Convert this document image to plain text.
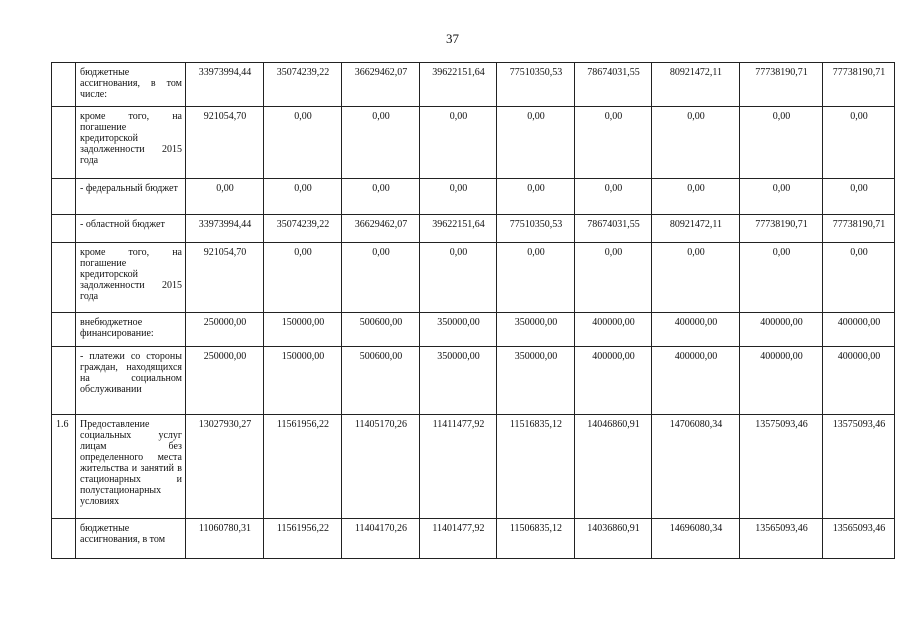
37
	бюджетные ассигнования, в том числе:	33973994,44	35074239,22	36629462,07	39622151,64	77510350,53	78674031,55	80921472,11	77738190,71	77738190,71
	кроме того, на погашение кредиторской задолженности 2015 года	921054,70	0,00	0,00	0,00	0,00	0,00	0,00	0,00	0,00
	- федеральный бюджет	0,00	0,00	0,00	0,00	0,00	0,00	0,00	0,00	0,00
	- областной бюджет	33973994,44	35074239,22	36629462,07	39622151,64	77510350,53	78674031,55	80921472,11	77738190,71	77738190,71
	кроме того, на погашение кредиторской задолженности 2015 года	921054,70	0,00	0,00	0,00	0,00	0,00	0,00	0,00	0,00
	внебюджетное финансирование:	250000,00	150000,00	500600,00	350000,00	350000,00	400000,00	400000,00	400000,00	400000,00
	- платежи со стороны граждан, находящихся на социальном обслуживании	250000,00	150000,00	500600,00	350000,00	350000,00	400000,00	400000,00	400000,00	400000,00
1.6	Предоставление социальных услуг лицам без определенного места жительства и занятий в стационарных и полустационарных условиях	13027930,27	11561956,22	11405170,26	11411477,92	11516835,12	14046860,91	14706080,34	13575093,46	13575093,46
	бюджетные ассигнования, в том	11060780,31	11561956,22	11404170,26	11401477,92	11506835,12	14036860,91	14696080,34	13565093,46	13565093,46
